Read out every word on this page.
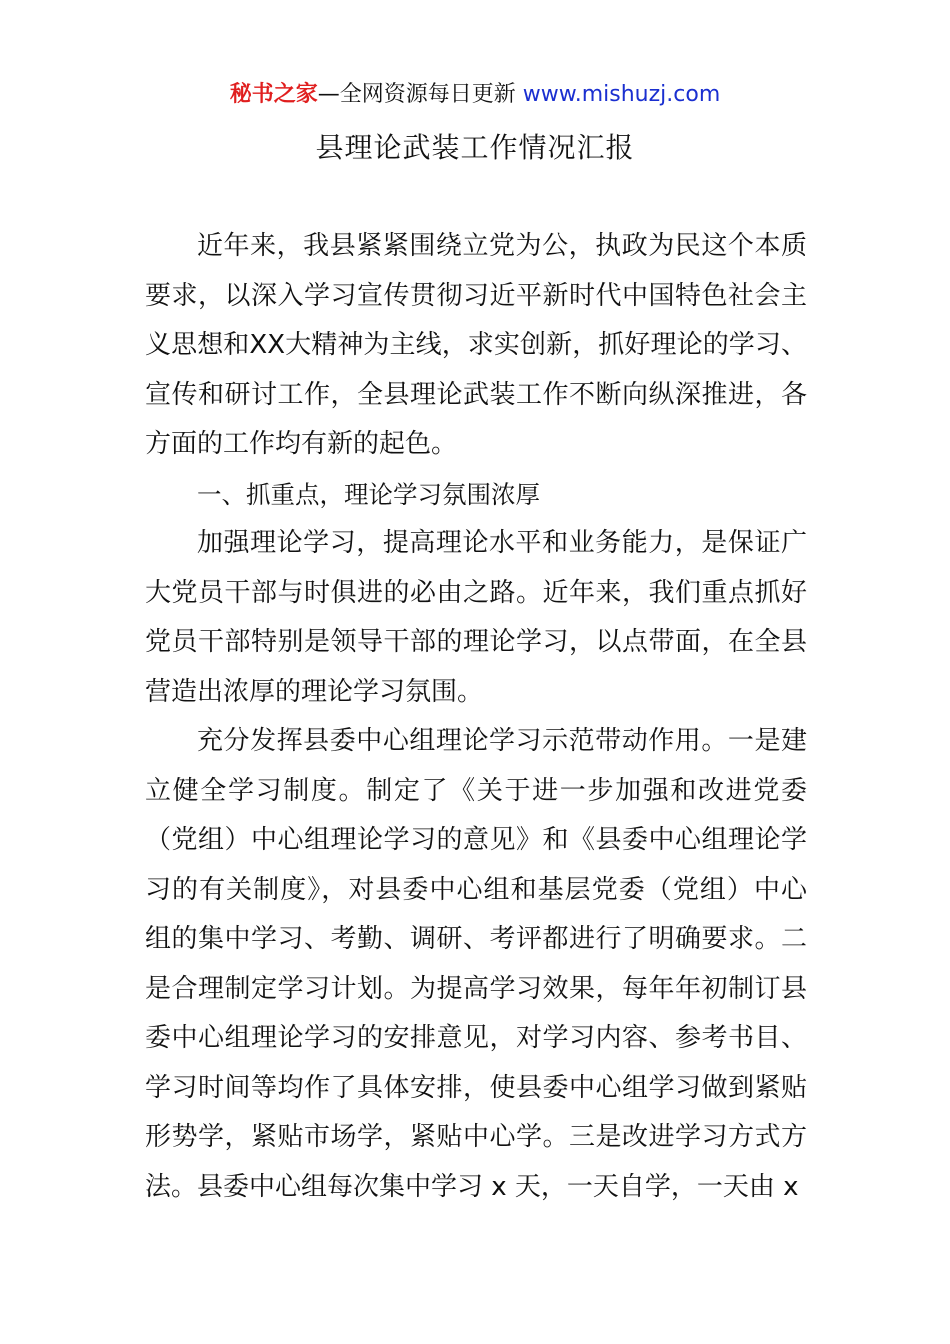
秘书之家—全网资源每日更新 www.mishuzj.com
县理论武装工作情况汇报

近年来，我县紧紧围绕立党为公，执政为民这个本质要求，以深入学习宣传贯彻习近平新时代中国特色社会主义思想和XX大精神为主线，求实创新，抓好理论的学习、宣传和研讨工作，全县理论武装工作不断向纵深推进，各方面的工作均有新的起色。

一、抓重点，理论学习氛围浓厚

加强理论学习，提高理论水平和业务能力，是保证广大党员干部与时俱进的必由之路。近年来，我们重点抓好党员干部特别是领导干部的理论学习，以点带面，在全县营造出浓厚的理论学习氛围。

充分发挥县委中心组理论学习示范带动作用。一是建立健全学习制度。制定了《关于进一步加强和改进党委（党组）中心组理论学习的意见》和《县委中心组理论学习的有关制度》，对县委中心组和基层党委（党组）中心组的集中学习、考勤、调研、考评都进行了明确要求。二是合理制定学习计划。为提高学习效果，每年年初制订县委中心组理论学习的安排意见，对学习内容、参考书目、学习时间等均作了具体安排，使县委中心组学习做到紧贴形势学，紧贴市场学，紧贴中心学。三是改进学习方式方法。县委中心组每次集中学习 x 天，一天自学，一天由 x
